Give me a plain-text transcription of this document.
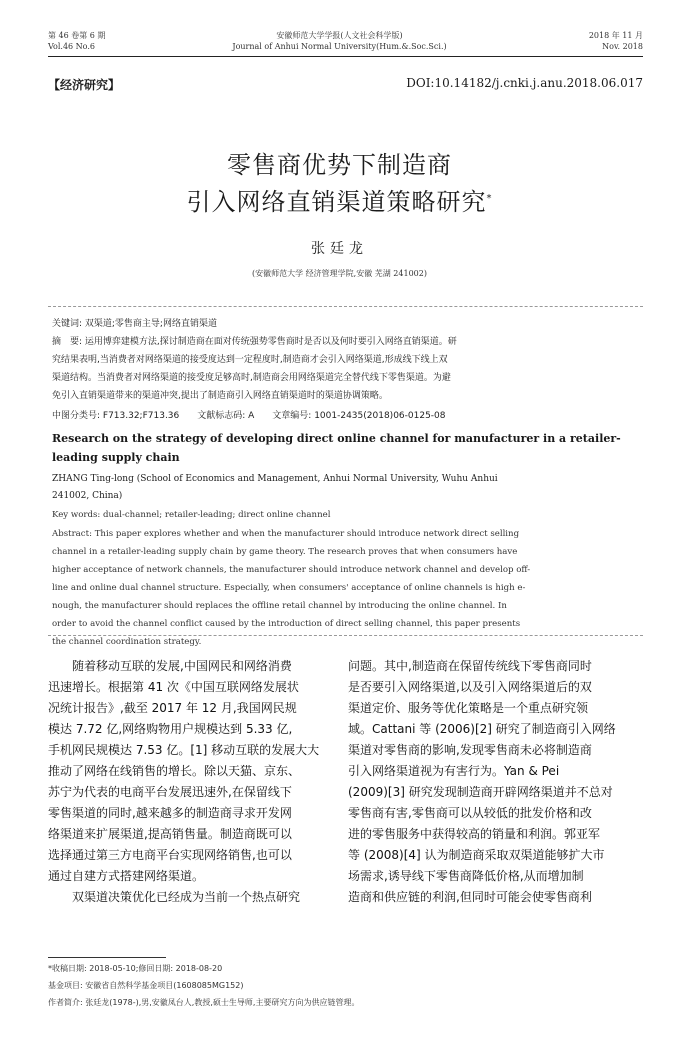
第 46 卷第 6 期
Vol.46 No.6
安徽师范大学学报(人文社会科学版)
Journal of Anhui Normal University(Hum.&.Soc.Sci.)
2018 年 11 月
Nov. 2018
【经济研究】	DOI:10.14182/j.cnki.j.anu.2018.06.017
零售商优势下制造商
引入网络直销渠道策略研究*
张廷龙
(安徽师范大学 经济管理学院,安徽 芜湖 241002)
关键词: 双渠道;零售商主导;网络直销渠道
摘　要: 运用博弈建模方法,探讨制造商在面对传统强势零售商时是否以及何时要引入网络直销渠道。研
究结果表明,当消费者对网络渠道的接受度达到一定程度时,制造商才会引入网络渠道,形成线下线上双
渠道结构。当消费者对网络渠道的接受度足够高时,制造商会用网络渠道完全替代线下零售渠道。为避
免引入直销渠道带来的渠道冲突,提出了制造商引入网络直销渠道时的渠道协调策略。
中图分类号: F713.32;F713.36　　文献标志码: A　　文章编号: 1001-2435(2018)06-0125-08
Research on the strategy of developing direct online channel for manufacturer in a retailer-
leading supply chain
ZHANG Ting-long (School of Economics and Management, Anhui Normal University, Wuhu Anhui
241002, China)
Key words: dual-channel; retailer-leading; direct online channel
Abstract: This paper explores whether and when the manufacturer should introduce network direct selling
channel in a retailer-leading supply chain by game theory. The research proves that when consumers have
higher acceptance of network channels, the manufacturer should introduce network channel and develop off-
line and online dual channel structure. Especially, when consumers' acceptance of online channels is high e-
nough, the manufacturer should replaces the offline retail channel by introducing the online channel. In
order to avoid the channel conflict caused by the introduction of direct selling channel, this paper presents
the channel coordination strategy.
　　随着移动互联的发展,中国网民和网络消费
迅速增长。根据第 41 次《中国互联网络发展状
况统计报告》,截至 2017 年 12 月,我国网民规
模达 7.72 亿,网络购物用户规模达到 5.33 亿,
手机网民规模达 7.53 亿。[1] 移动互联的发展大大
推动了网络在线销售的增长。除以天猫、京东、
苏宁为代表的电商平台发展迅速外,在保留线下
零售渠道的同时,越来越多的制造商寻求开发网
络渠道来扩展渠道,提高销售量。制造商既可以
选择通过第三方电商平台实现网络销售,也可以
通过自建方式搭建网络渠道。
　　双渠道决策优化已经成为当前一个热点研究
问题。其中,制造商在保留传统线下零售商同时
是否要引入网络渠道,以及引入网络渠道后的双
渠道定价、服务等优化策略是一个重点研究领
域。Cattani 等 (2006)[2] 研究了制造商引入网络
渠道对零售商的影响,发现零售商未必将制造商
引入网络渠道视为有害行为。Yan & Pei
(2009)[3] 研究发现制造商开辟网络渠道并不总对
零售商有害,零售商可以从较低的批发价格和改
进的零售服务中获得较高的销量和利润。郭亚军
等 (2008)[4] 认为制造商采取双渠道能够扩大市
场需求,诱导线下零售商降低价格,从而增加制
造商和供应链的利润,但同时可能会使零售商利
*收稿日期: 2018-05-10;修回日期: 2018-08-20
基金项目: 安徽省自然科学基金项目(1608085MG152)
作者简介: 张廷龙(1978-),男,安徽凤台人,教授,硕士生导师,主要研究方向为供应链管理。
